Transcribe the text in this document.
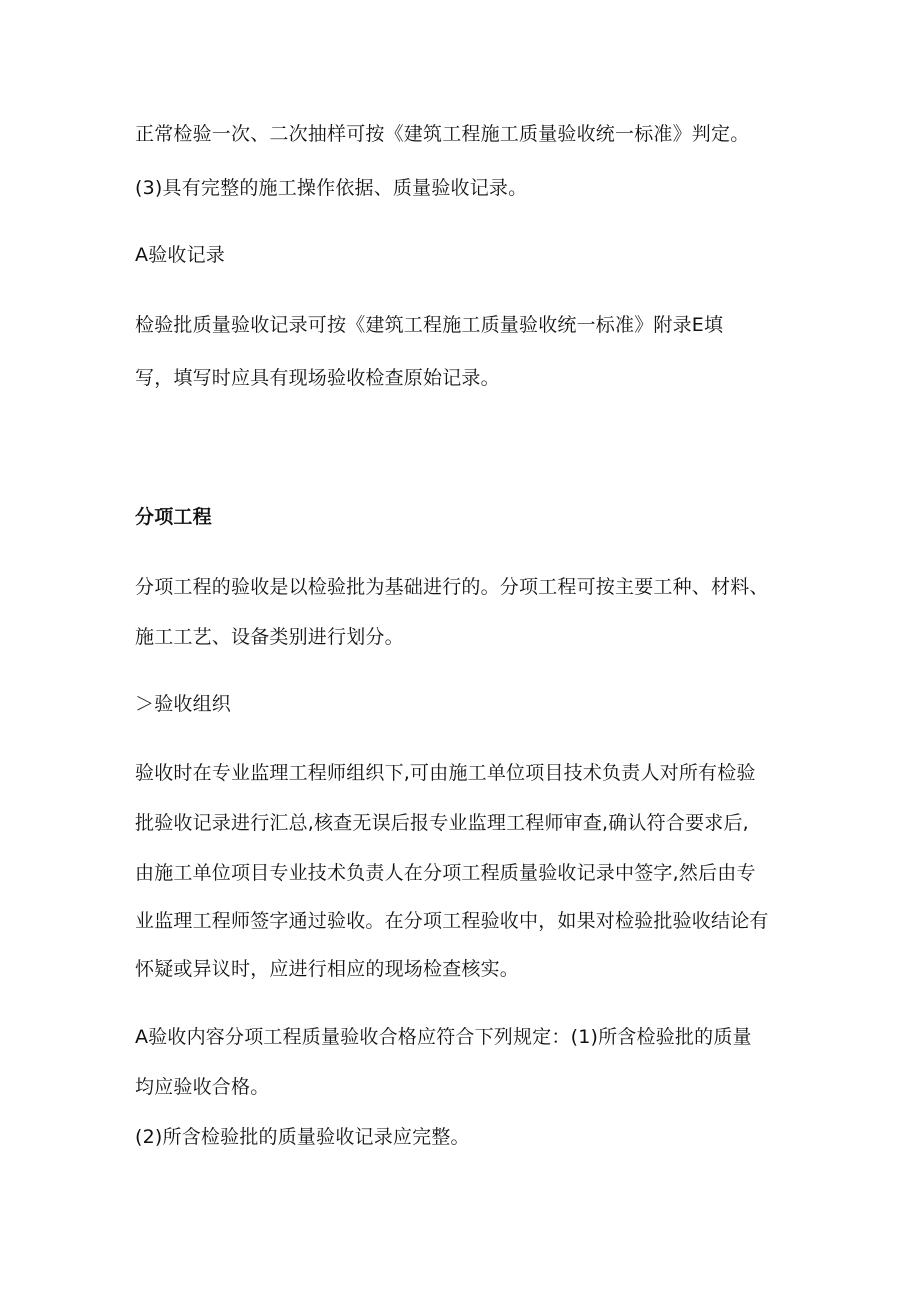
正常检验一次、二次抽样可按《建筑工程施工质量验收统一标准》判定。
(3)具有完整的施工操作依据、质量验收记录。
A验收记录
检验批质量验收记录可按《建筑工程施工质量验收统一标准》附录E填
写，填写时应具有现场验收检查原始记录。
分项工程
分项工程的验收是以检验批为基础进行的。分项工程可按主要工种、材料、
施工工艺、设备类别进行划分。
＞验收组织
验收时在专业监理工程师组织下,可由施工单位项目技术负责人对所有检验
批验收记录进行汇总,核查无误后报专业监理工程师审查,确认符合要求后,
由施工单位项目专业技术负责人在分项工程质量验收记录中签字,然后由专
业监理工程师签字通过验收。在分项工程验收中，如果对检验批验收结论有
怀疑或异议时，应进行相应的现场检查核实。
A验收内容分项工程质量验收合格应符合下列规定：(1)所含检验批的质量
均应验收合格。
(2)所含检验批的质量验收记录应完整。
